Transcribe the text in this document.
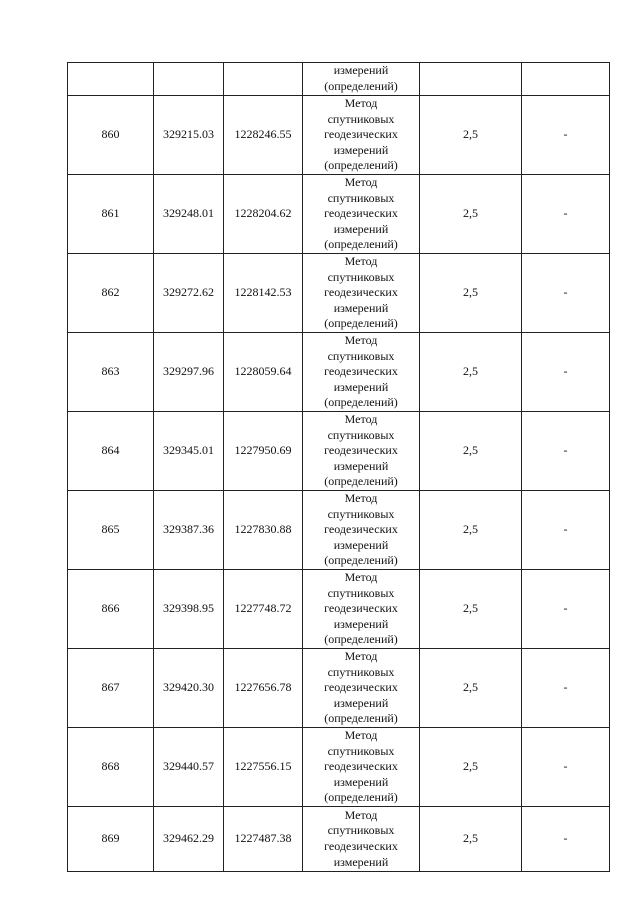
			измерений
(определений)		

860	329215.03	1228246.55	Метод
спутниковых
геодезических
измерений
(определений)	2,5	-
861	329248.01	1228204.62	Метод
спутниковых
геодезических
измерений
(определений)	2,5	-
862	329272.62	1228142.53	Метод
спутниковых
геодезических
измерений
(определений)	2,5	-
863	329297.96	1228059.64	Метод
спутниковых
геодезических
измерений
(определений)	2,5	-
864	329345.01	1227950.69	Метод
спутниковых
геодезических
измерений
(определений)	2,5	-
865	329387.36	1227830.88	Метод
спутниковых
геодезических
измерений
(определений)	2,5	-
866	329398.95	1227748.72	Метод
спутниковых
геодезических
измерений
(определений)	2,5	-
867	329420.30	1227656.78	Метод
спутниковых
геодезических
измерений
(определений)	2,5	-
868	329440.57	1227556.15	Метод
спутниковых
геодезических
измерений
(определений)	2,5	-
869	329462.29	1227487.38	Метод
спутниковых
геодезических
измерений	2,5	-
